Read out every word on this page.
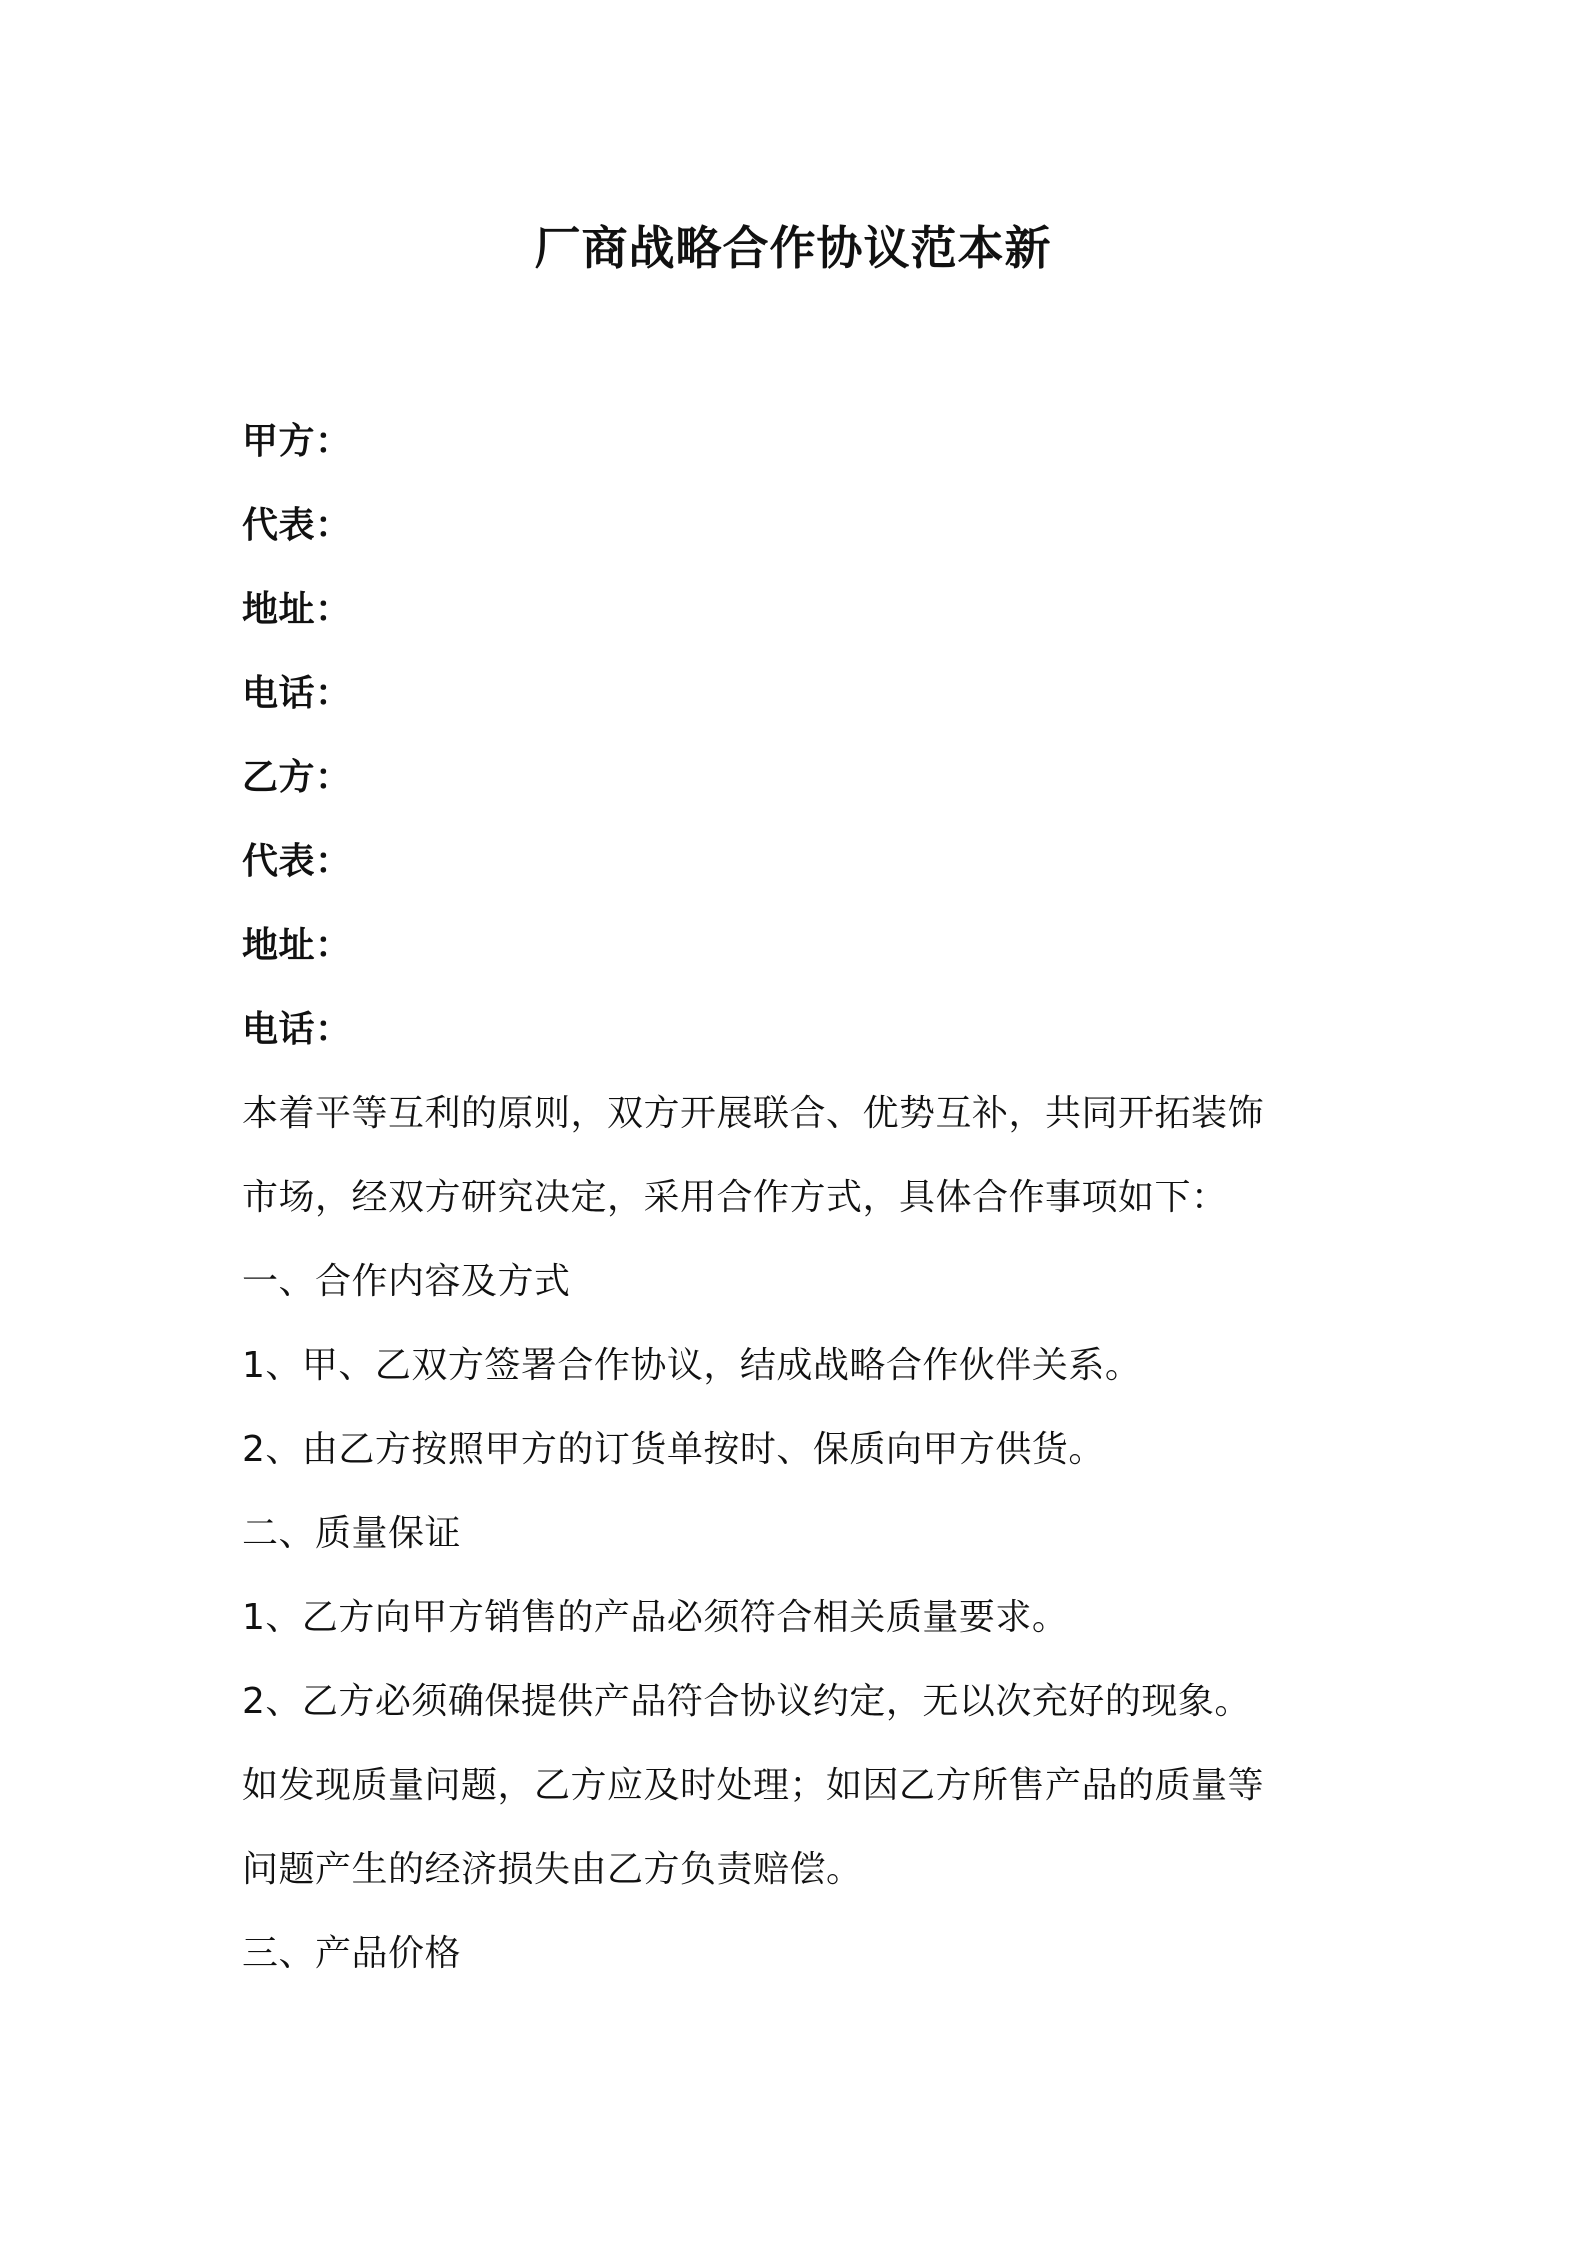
厂商战略合作协议范本新
甲方：
代表：
地址：
电话：
乙方：
代表：
地址：
电话：
本着平等互利的原则，双方开展联合、优势互补，共同开拓装饰
市场，经双方研究决定，采用合作方式，具体合作事项如下：
一、合作内容及方式
1、甲、乙双方签署合作协议，结成战略合作伙伴关系。
2、由乙方按照甲方的订货单按时、保质向甲方供货。
二、质量保证
1、乙方向甲方销售的产品必须符合相关质量要求。
2、乙方必须确保提供产品符合协议约定，无以次充好的现象。
如发现质量问题，乙方应及时处理；如因乙方所售产品的质量等
问题产生的经济损失由乙方负责赔偿。
三、产品价格
